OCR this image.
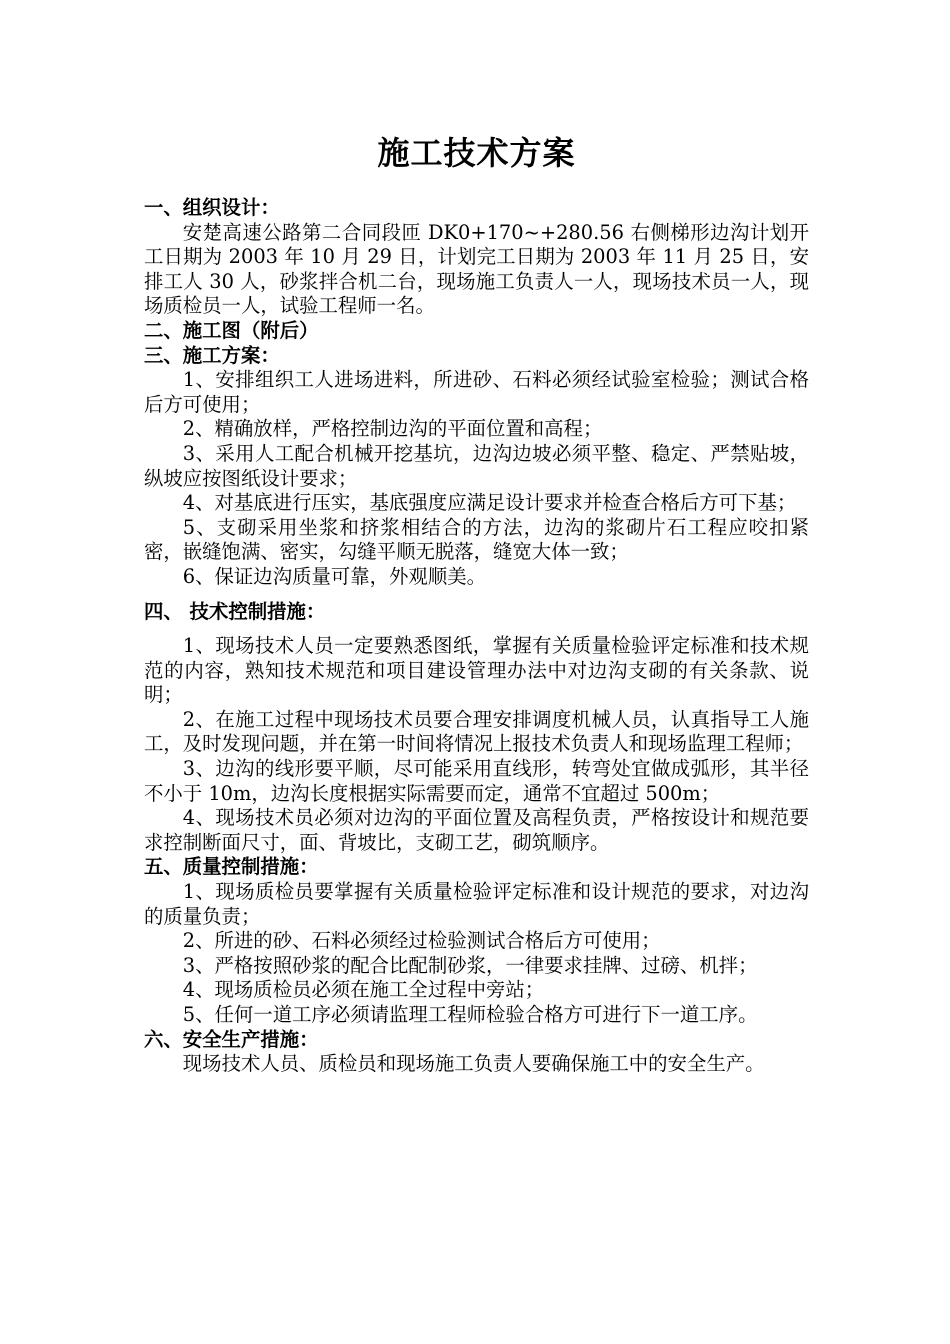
施工技术方案

一、组织设计：

安楚高速公路第二合同段匝 DK0+170~+280.56 右侧梯形边沟计划开工日期为 2003 年 10 月 29 日，计划完工日期为 2003 年 11 月 25 日，安排工人 30 人，砂浆拌合机二台，现场施工负责人一人，现场技术员一人，现场质检员一人，试验工程师一名。

二、施工图（附后）

三、施工方案：

1、安排组织工人进场进料，所进砂、石料必须经试验室检验；测试合格后方可使用；

2、精确放样，严格控制边沟的平面位置和高程；

3、采用人工配合机械开挖基坑，边沟边坡必须平整、稳定、严禁贴坡，纵坡应按图纸设计要求；

4、对基底进行压实，基底强度应满足设计要求并检查合格后方可下基；

5、支砌采用坐浆和挤浆相结合的方法，边沟的浆砌片石工程应咬扣紧密，嵌缝饱满、密实，勾缝平顺无脱落，缝宽大体一致；

6、保证边沟质量可靠，外观顺美。

四、 技术控制措施：

1、现场技术人员一定要熟悉图纸，掌握有关质量检验评定标准和技术规范的内容，熟知技术规范和项目建设管理办法中对边沟支砌的有关条款、说明；

2、在施工过程中现场技术员要合理安排调度机械人员，认真指导工人施工，及时发现问题，并在第一时间将情况上报技术负责人和现场监理工程师；

3、边沟的线形要平顺，尽可能采用直线形，转弯处宜做成弧形，其半径不小于 10m，边沟长度根据实际需要而定，通常不宜超过 500m；

4、现场技术员必须对边沟的平面位置及高程负责，严格按设计和规范要求控制断面尺寸，面、背坡比，支砌工艺，砌筑顺序。

五、质量控制措施：

1、现场质检员要掌握有关质量检验评定标准和设计规范的要求，对边沟的质量负责；

2、所进的砂、石料必须经过检验测试合格后方可使用；

3、严格按照砂浆的配合比配制砂浆，一律要求挂牌、过磅、机拌；

4、现场质检员必须在施工全过程中旁站；

5、任何一道工序必须请监理工程师检验合格方可进行下一道工序。

六、安全生产措施：

现场技术人员、质检员和现场施工负责人要确保施工中的安全生产。
